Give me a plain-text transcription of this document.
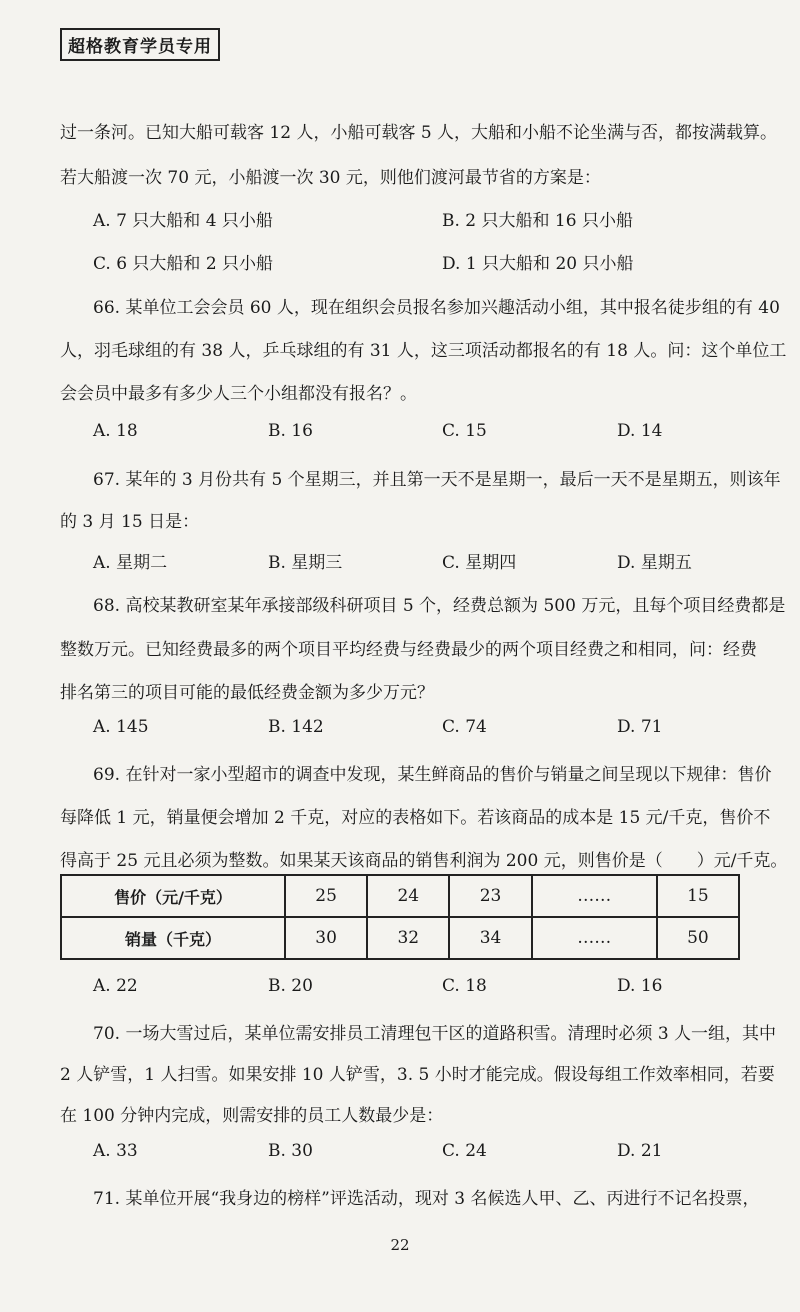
超格教育学员专用
过一条河。已知大船可载客 12 人，小船可载客 5 人，大船和小船不论坐满与否，都按满载算。
若大船渡一次 70 元，小船渡一次 30 元，则他们渡河最节省的方案是：
A. 7 只大船和 4 只小船	B. 2 只大船和 16 只小船
C. 6 只大船和 2 只小船	D. 1 只大船和 20 只小船
66. 某单位工会会员 60 人，现在组织会员报名参加兴趣活动小组，其中报名徒步组的有 40
人，羽毛球组的有 38 人，乒乓球组的有 31 人，这三项活动都报名的有 18 人。问：这个单位工
会会员中最多有多少人三个小组都没有报名？。
A. 18	B. 16	C. 15	D. 14
67. 某年的 3 月份共有 5 个星期三，并且第一天不是星期一，最后一天不是星期五，则该年
的 3 月 15 日是：
A. 星期二	B. 星期三	C. 星期四	D. 星期五
68. 高校某教研室某年承接部级科研项目 5 个，经费总额为 500 万元，且每个项目经费都是
整数万元。已知经费最多的两个项目平均经费与经费最少的两个项目经费之和相同，问：经费
排名第三的项目可能的最低经费金额为多少万元？
A. 145	B. 142	C. 74	D. 71
69. 在针对一家小型超市的调查中发现，某生鲜商品的售价与销量之间呈现以下规律：售价
每降低 1 元，销量便会增加 2 千克，对应的表格如下。若该商品的成本是 15 元/千克，售价不
得高于 25 元且必须为整数。如果某天该商品的销售利润为 200 元，则售价是（　　）元/千克。
售价（元/千克）	25	24	23	……	15
销量（千克）	30	32	34	……	50
A. 22	B. 20	C. 18	D. 16
70. 一场大雪过后，某单位需安排员工清理包干区的道路积雪。清理时必须 3 人一组，其中
2 人铲雪，1 人扫雪。如果安排 10 人铲雪，3. 5 小时才能完成。假设每组工作效率相同，若要
在 100 分钟内完成，则需安排的员工人数最少是：
A. 33	B. 30	C. 24	D. 21
71. 某单位开展“我身边的榜样”评选活动，现对 3 名候选人甲、乙、丙进行不记名投票，
22
